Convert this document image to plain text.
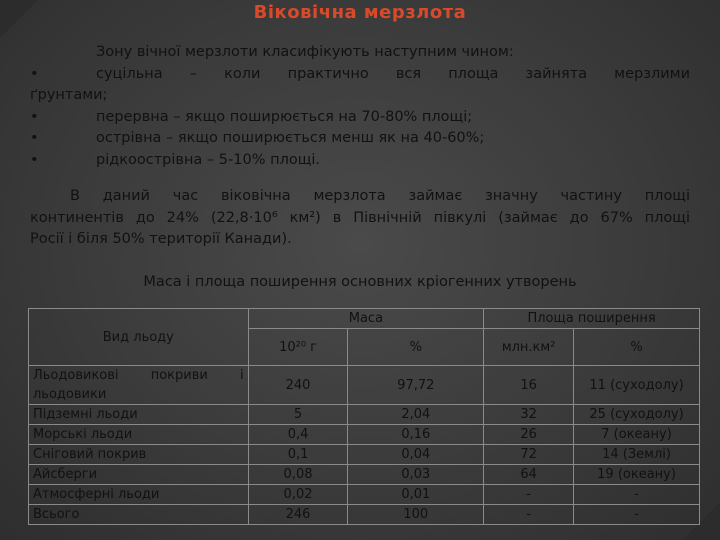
Віковічна мерзлота
Зону вічної мерзлоти класифікують наступним чином:
•	суцільна – коли практично вся площа зайнята мерзлими
ґрунтами;
•	перервна – якщо поширюється на 70-80% площі;
•	острівна – якщо поширюється менш як на 40-60%;
•	рідкоострівна – 5-10% площі.
В даний час віковічна мерзлота займає значну частину площі
континентів до 24% (22,8·10⁶ км²) в Північній півкулі (займає до 67% площі
Росії і біля 50% території Канади).
Маса і площа поширення основних кріогенних утворень
Вид льоду	Маса		Площа поширення	
	10²⁰ г	%	млн.км²	%

Льодовикові покриви і
льодовики	240	97,72	16	11 (суходолу)
Підземні льоди	5	2,04	32	25 (суходолу)
Морські льоди	0,4	0,16	26	7 (океану)
Сніговий покрив	0,1	0,04	72	14 (Землі)
Айсберги	0,08	0,03	64	19 (океану)
Атмосферні льоди	0,02	0,01	-	-
Всього	246	100	-	-
